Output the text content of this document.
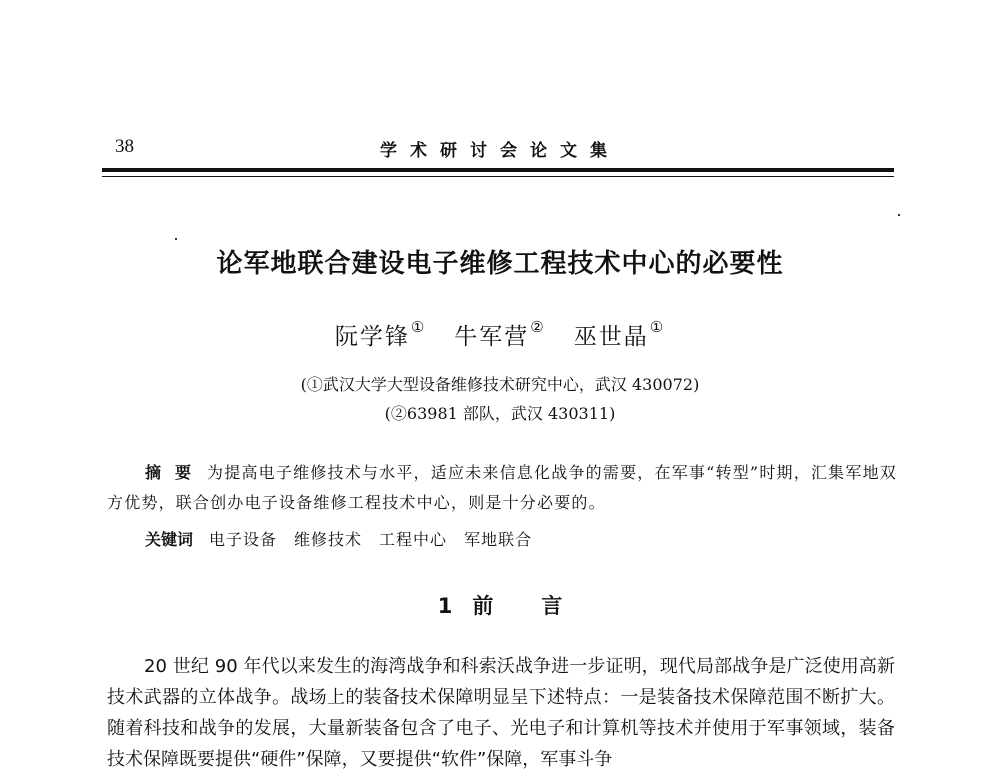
38	学术研讨会论文集
论军地联合建设电子维修工程技术中心的必要性
阮学锋① 牛军营② 巫世晶①
(①武汉大学大型设备维修技术研究中心，武汉 430072)
(②63981 部队，武汉 430311)
摘要 为提高电子维修技术与水平，适应未来信息化战争的需要，在军事“转型”时期，汇集军地双方优势，联合创办电子设备维修工程技术中心，则是十分必要的。
关键词 电子设备 维修技术 工程中心 军地联合
1 前言
20 世纪 90 年代以来发生的海湾战争和科索沃战争进一步证明，现代局部战争是广泛使用高新技术武器的立体战争。战场上的装备技术保障明显呈下述特点：一是装备技术保障范围不断扩大。随着科技和战争的发展，大量新装备包含了电子、光电子和计算机等技术并使用于军事领域，装备技术保障既要提供“硬件”保障，又要提供“软件”保障，军事斗争
